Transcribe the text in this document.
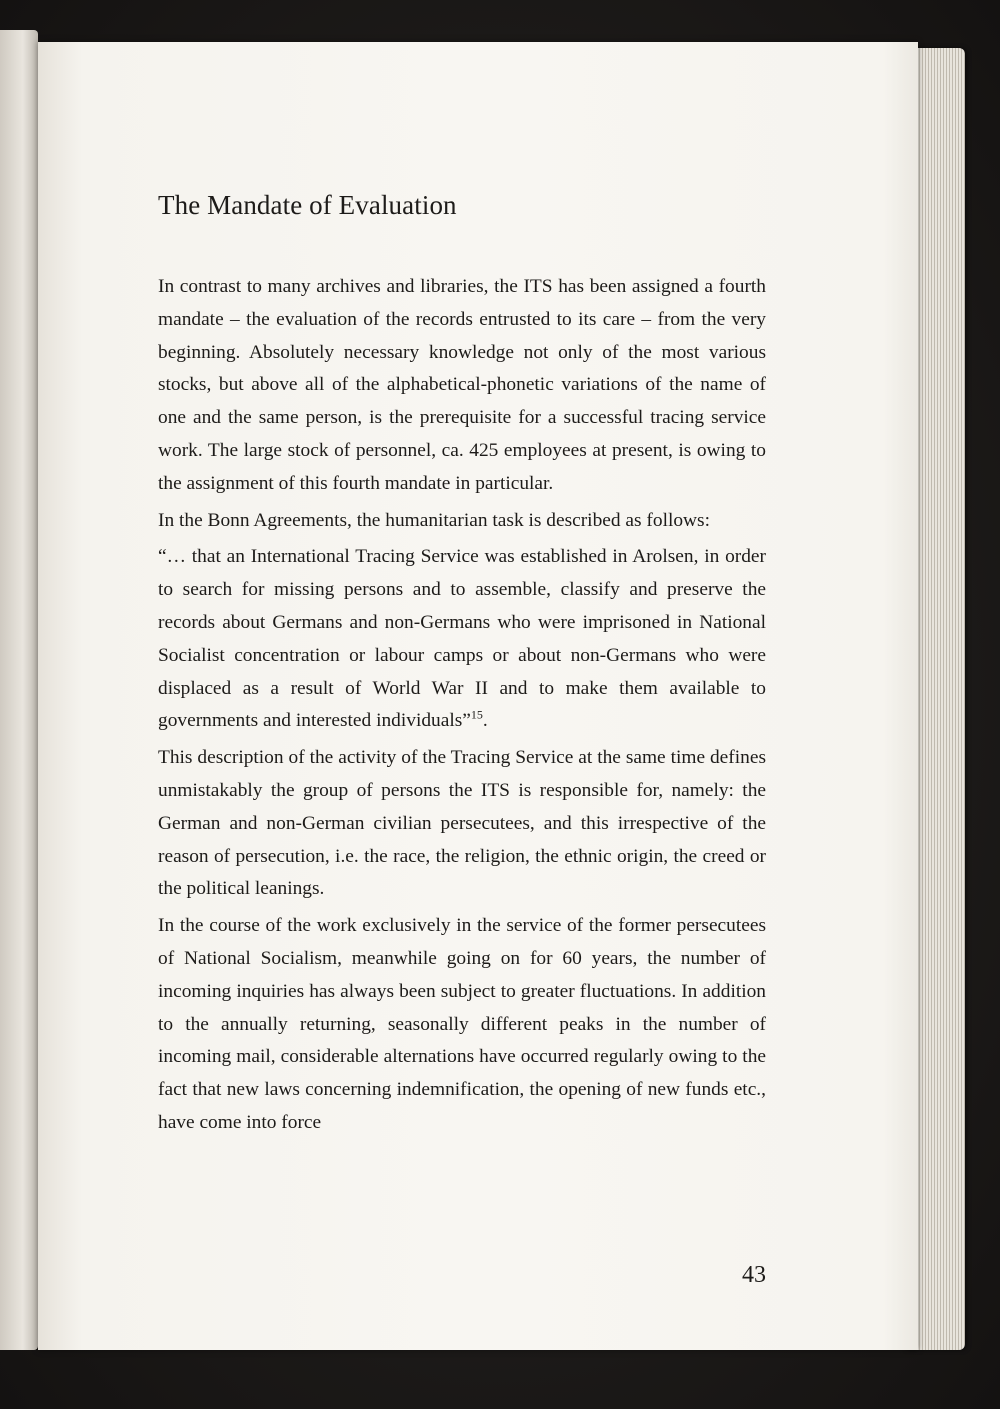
The Mandate of Evaluation

In contrast to many archives and libraries, the ITS has been assigned a fourth mandate – the evaluation of the records entrusted to its care – from the very beginning. Absolutely necessary knowledge not only of the most various stocks, but above all of the alphabetical-phonetic variations of the name of one and the same person, is the prerequisite for a successful tracing service work. The large stock of personnel, ca. 425 employees at present, is owing to the assignment of this fourth mandate in particular.

In the Bonn Agreements, the humanitarian task is described as follows:

“… that an International Tracing Service was established in Arolsen, in order to search for missing persons and to assemble, classify and preserve the records about Germans and non-Germans who were imprisoned in National Socialist concentration or labour camps or about non-Germans who were displaced as a result of World War II and to make them available to governments and interested individuals”$^{15}$.

This description of the activity of the Tracing Service at the same time defines unmistakably the group of persons the ITS is responsible for, namely: the German and non-German civilian persecutees, and this irrespective of the reason of persecution, i.e. the race, the religion, the ethnic origin, the creed or the political leanings.

In the course of the work exclusively in the service of the former persecutees of National Socialism, meanwhile going on for 60 years, the number of incoming inquiries has always been subject to greater fluctuations. In addition to the annually returning, seasonally different peaks in the number of incoming mail, considerable alternations have occurred regularly owing to the fact that new laws concerning indemnification, the opening of new funds etc., have come into force

43
